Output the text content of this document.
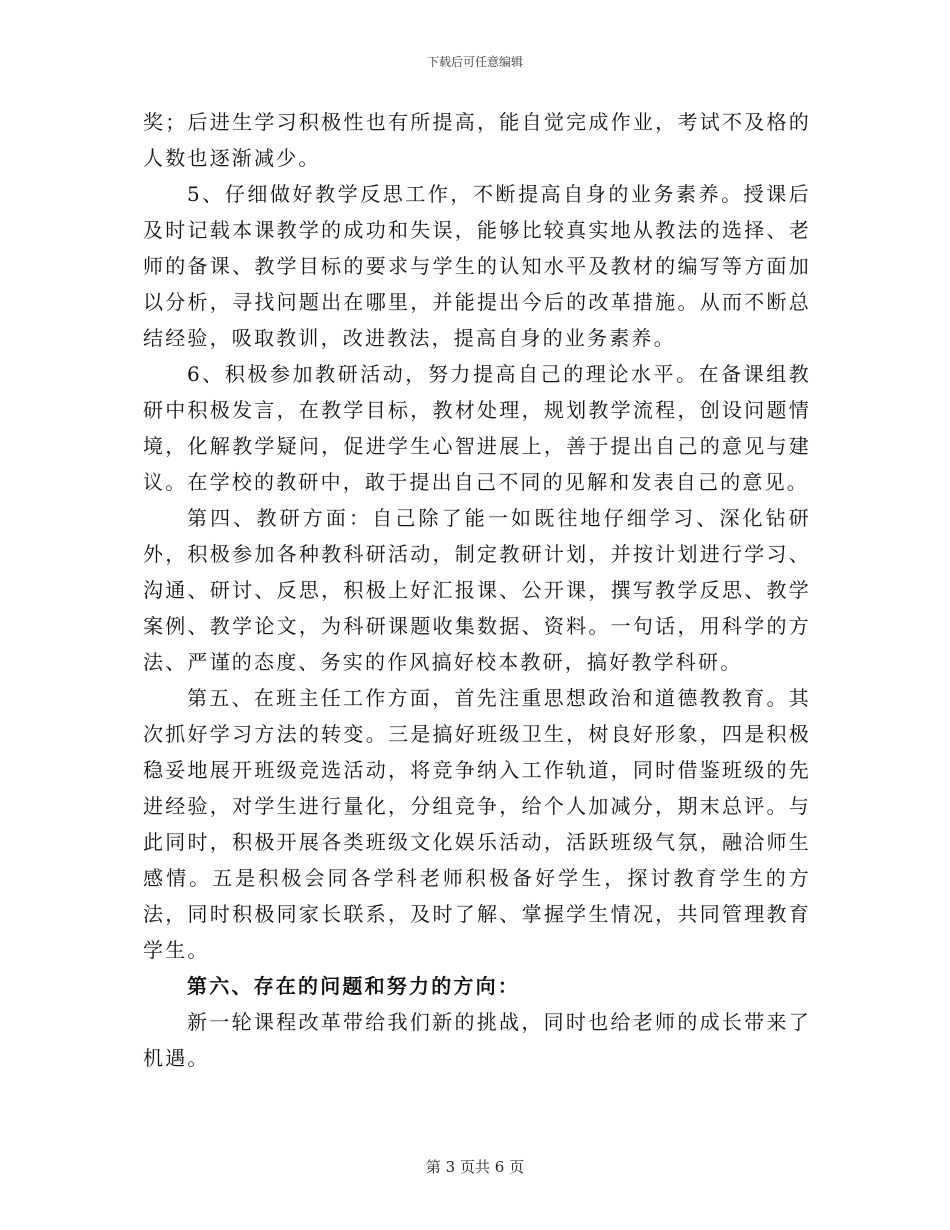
下载后可任意编辑

奖；后进生学习积极性也有所提高，能自觉完成作业，考试不及格的人数也逐渐减少。

5、仔细做好教学反思工作，不断提高自身的业务素养。授课后及时记载本课教学的成功和失误，能够比较真实地从教法的选择、老师的备课、教学目标的要求与学生的认知水平及教材的编写等方面加以分析，寻找问题出在哪里，并能提出今后的改革措施。从而不断总结经验，吸取教训，改进教法，提高自身的业务素养。

6、积极参加教研活动，努力提高自己的理论水平。在备课组教研中积极发言，在教学目标，教材处理，规划教学流程，创设问题情境，化解教学疑问，促进学生心智进展上，善于提出自己的意见与建议。在学校的教研中，敢于提出自己不同的见解和发表自己的意见。

第四、教研方面：自己除了能一如既往地仔细学习、深化钻研外，积极参加各种教科研活动，制定教研计划，并按计划进行学习、沟通、研讨、反思，积极上好汇报课、公开课，撰写教学反思、教学案例、教学论文，为科研课题收集数据、资料。一句话，用科学的方法、严谨的态度、务实的作风搞好校本教研，搞好教学科研。

第五、在班主任工作方面，首先注重思想政治和道德教教育。其次抓好学习方法的转变。三是搞好班级卫生，树良好形象，四是积极稳妥地展开班级竞选活动，将竞争纳入工作轨道，同时借鉴班级的先进经验，对学生进行量化，分组竞争，给个人加减分，期末总评。与此同时，积极开展各类班级文化娱乐活动，活跃班级气氛，融洽师生感情。五是积极会同各学科老师积极备好学生，探讨教育学生的方法，同时积极同家长联系，及时了解、掌握学生情况，共同管理教育学生。

第六、存在的问题和努力的方向：

新一轮课程改革带给我们新的挑战，同时也给老师的成长带来了机遇。

第 3 页共 6 页
